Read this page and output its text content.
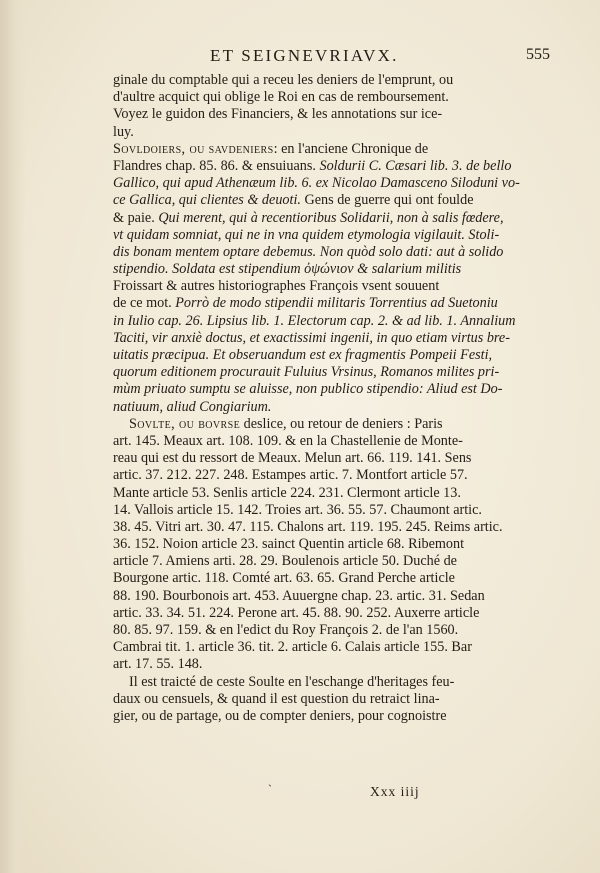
ET SEIGNEVRIAVX.	555
ginale du comptable qui a receu les deniers de l'emprunt, ou
d'aultre acquict qui oblige le Roi en cas de remboursement.
Voyez le guidon des Financiers, & les annotations sur ice-
luy.
Sovldoiers, ou savdeniers: en l'anciene Chronique de
Flandres chap. 85. 86. & ensuiuans. Soldurii C. Cæsari lib. 3. de bello
Gallico, qui apud Athenæum lib. 6. ex Nicolao Damasceno Siloduni vo-
ce Gallica, qui clientes & deuoti. Gens de guerre qui ont foulde
& paie. Qui merent, qui à recentioribus Solidarii, non à salis fœdere,
vt quidam somniat, qui ne in vna quidem etymologia vigilauit. Stoli-
dis bonam mentem optare debemus. Non quòd solo dati: aut à solido
stipendio. Soldata est stipendium ὀψώνιον & salarium militis
Froissart & autres historiographes François vsent souuent
de ce mot. Porrò de modo stipendii militaris Torrentius ad Suetoniu
in Iulio cap. 26. Lipsius lib. 1. Electorum cap. 2. & ad lib. 1. Annalium
Taciti, vir anxiè doctus, et exactissimi ingenii, in quo etiam virtus bre-
uitatis præcipua. Et obseruandum est ex fragmentis Pompeii Festi,
quorum editionem procurauit Fuluius Vrsinus, Romanos milites pri-
mùm priuato sumptu se aluisse, non publico stipendio: Aliud est Do-
natiuum, aliud Congiarium.
Sovlte, ou bovrse deslice, ou retour de deniers : Paris
art. 145. Meaux art. 108. 109. & en la Chastellenie de Monte-
reau qui est du ressort de Meaux. Melun art. 66. 119. 141. Sens
artic. 37. 212. 227. 248. Estampes artic. 7. Montfort article 57.
Mante article 53. Senlis article 224. 231. Clermont article 13.
14. Vallois article 15. 142. Troies art. 36. 55. 57. Chaumont artic.
38. 45. Vitri art. 30. 47. 115. Chalons art. 119. 195. 245. Reims artic.
36. 152. Noion article 23. sainct Quentin article 68. Ribemont
article 7. Amiens arti. 28. 29. Boulenois article 50. Duché de
Bourgone artic. 118. Comté art. 63. 65. Grand Perche article
88. 190. Bourbonois art. 453. Auuergne chap. 23. artic. 31. Sedan
artic. 33. 34. 51. 224. Perone art. 45. 88. 90. 252. Auxerre article
80. 85. 97. 159. & en l'edict du Roy François 2. de l'an 1560.
Cambrai tit. 1. article 36. tit. 2. article 6. Calais article 155. Bar
art. 17. 55. 148.
Il est traicté de ceste Soulte en l'eschange d'heritages feu-
daux ou censuels, & quand il est question du retraict lina-
gier, ou de partage, ou de compter deniers, pour cognoistre
`	Xxx iiij
